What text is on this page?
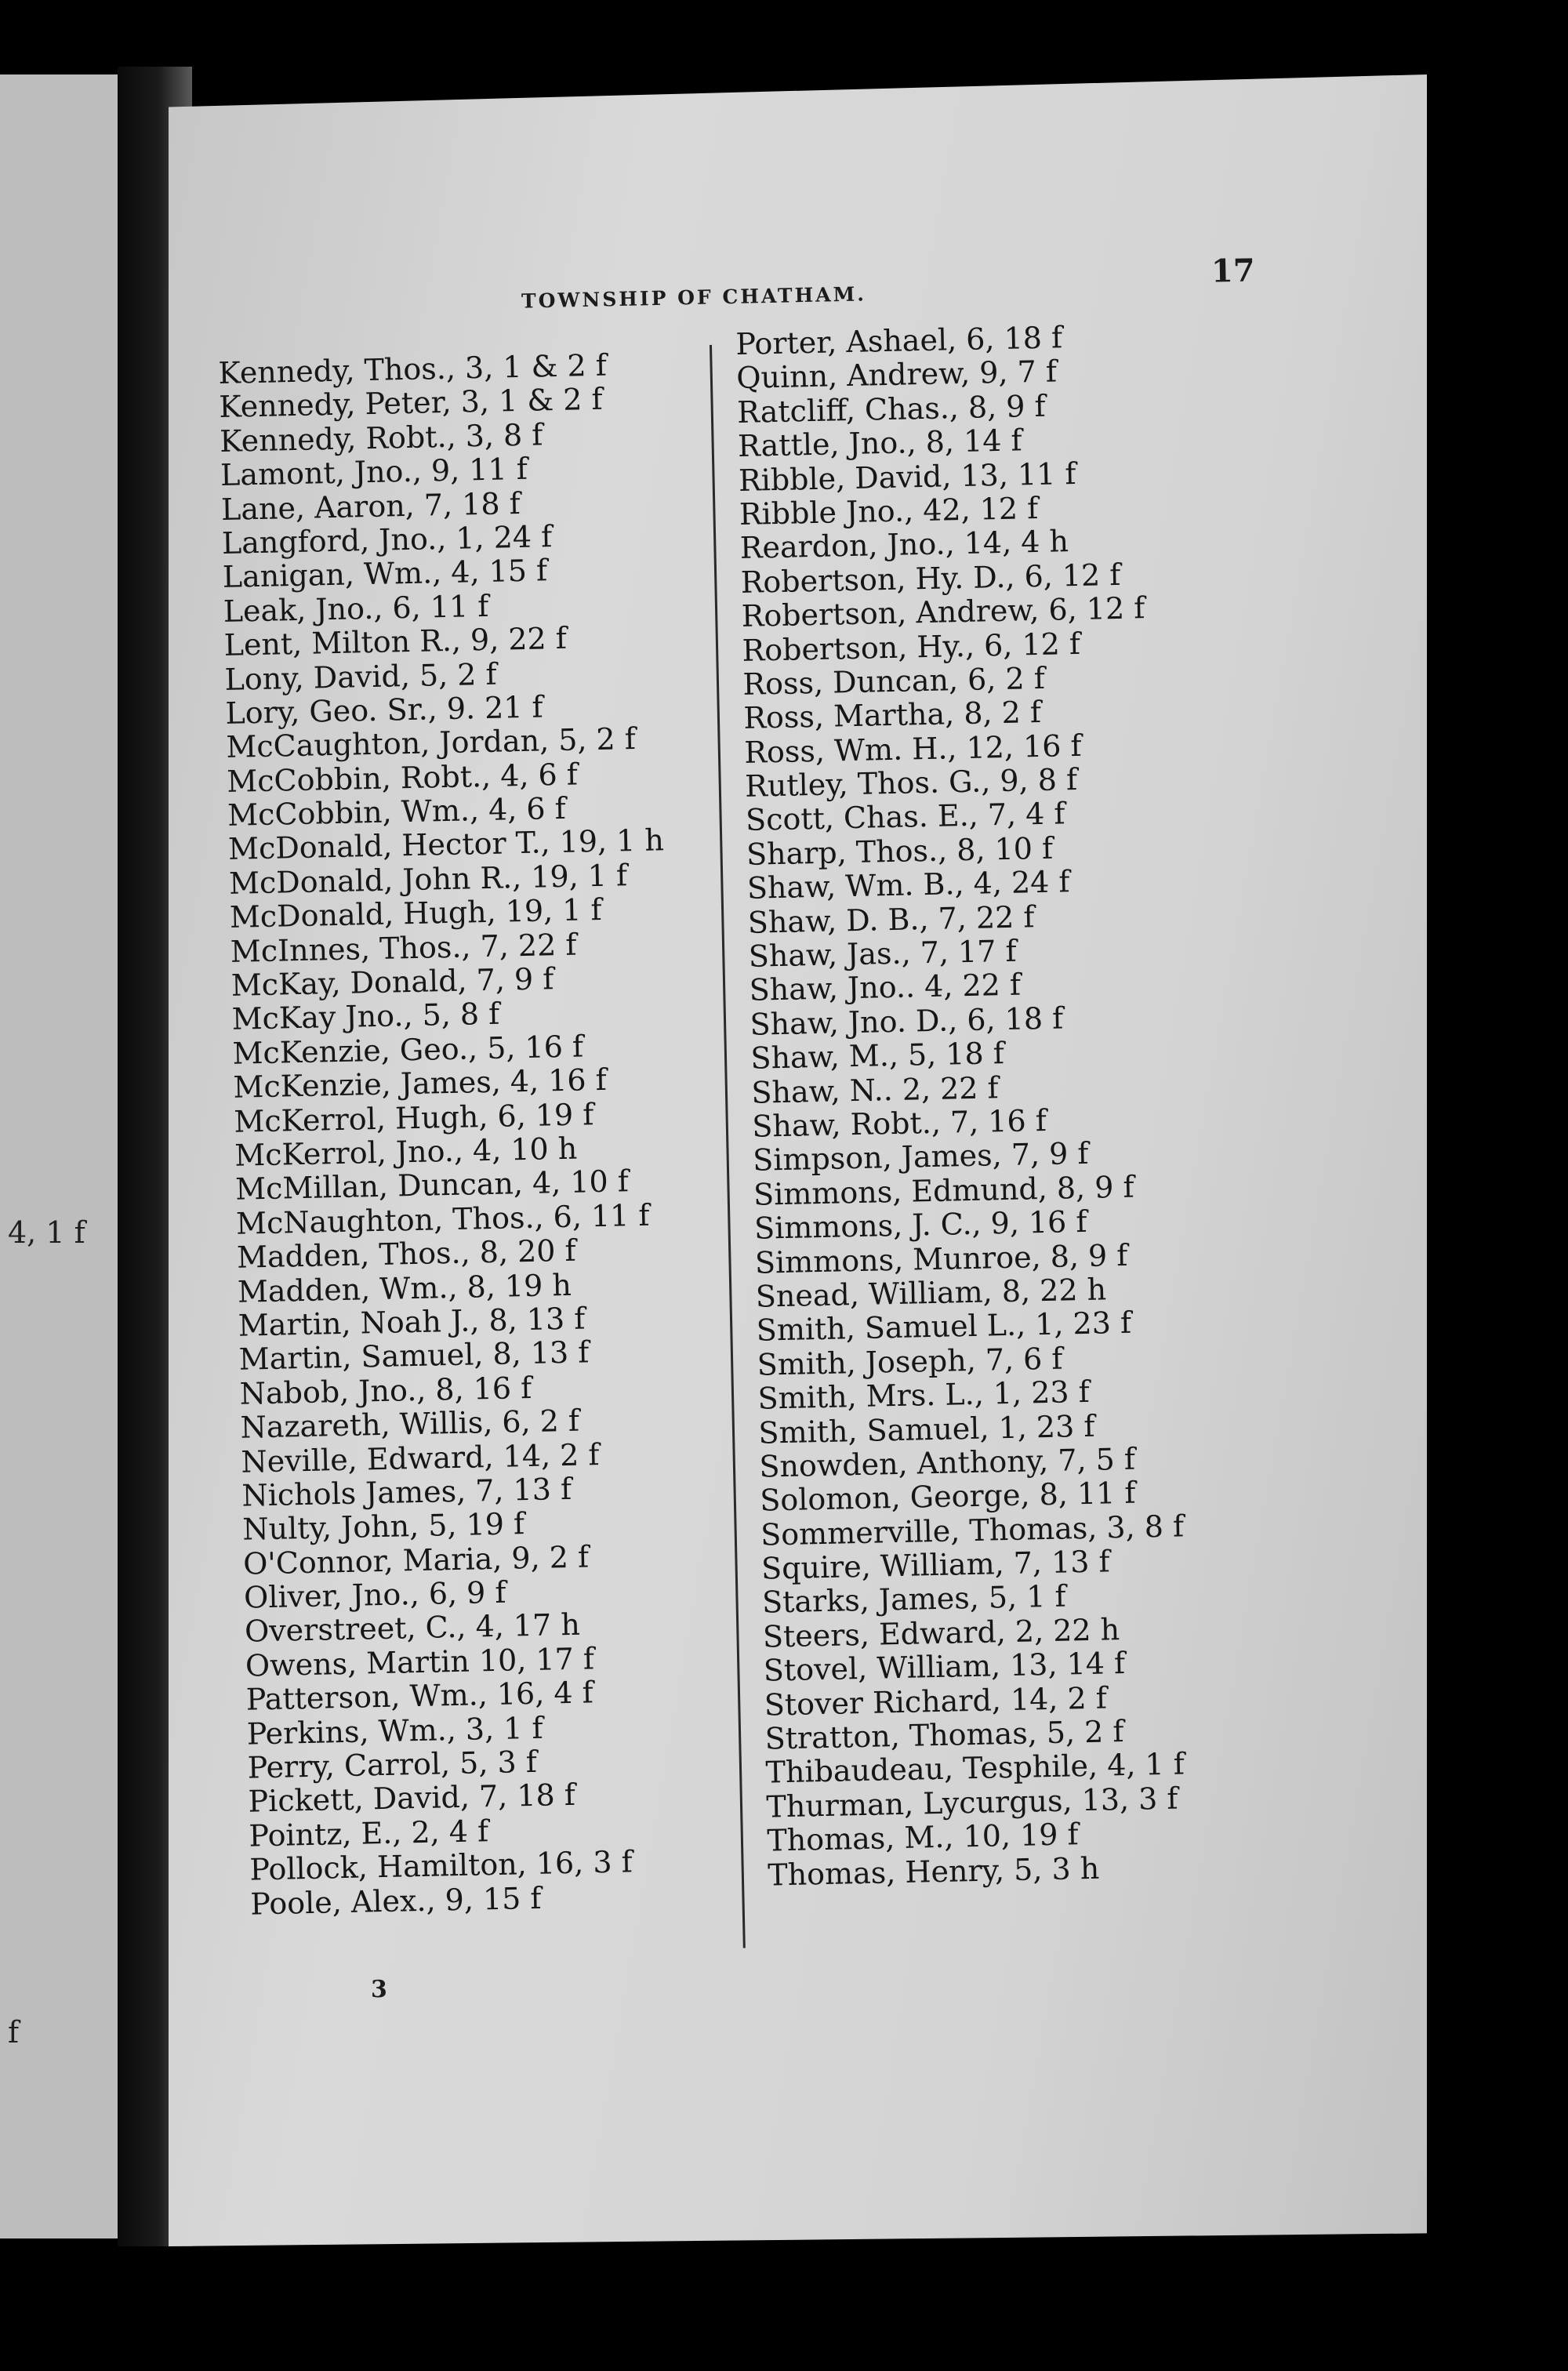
4, 1 f
f
TOWNSHIP OF CHATHAM.
17
Kennedy, Thos., 3, 1 & 2 f
Kennedy, Peter, 3, 1 & 2 f
Kennedy, Robt., 3, 8 f
Lamont, Jno., 9, 11 f
Lane, Aaron, 7, 18 f
Langford, Jno., 1, 24 f
Lanigan, Wm., 4, 15 f
Leak, Jno., 6, 11 f
Lent, Milton R., 9, 22 f
Lony, David, 5, 2 f
Lory, Geo. Sr., 9. 21 f
McCaughton, Jordan, 5, 2 f
McCobbin, Robt., 4, 6 f
McCobbin, Wm., 4, 6 f
McDonald, Hector T., 19, 1 h
McDonald, John R., 19, 1 f
McDonald, Hugh, 19, 1 f
McInnes, Thos., 7, 22 f
McKay, Donald, 7, 9 f
McKay Jno., 5, 8 f
McKenzie, Geo., 5, 16 f
McKenzie, James, 4, 16 f
McKerrol, Hugh, 6, 19 f
McKerrol, Jno., 4, 10 h
McMillan, Duncan, 4, 10 f
McNaughton, Thos., 6, 11 f
Madden, Thos., 8, 20 f
Madden, Wm., 8, 19 h
Martin, Noah J., 8, 13 f
Martin, Samuel, 8, 13 f
Nabob, Jno., 8, 16 f
Nazareth, Willis, 6, 2 f
Neville, Edward, 14, 2 f
Nichols James, 7, 13 f
Nulty, John, 5, 19 f
O'Connor, Maria, 9, 2 f
Oliver, Jno., 6, 9 f
Overstreet, C., 4, 17 h
Owens, Martin 10, 17 f
Patterson, Wm., 16, 4 f
Perkins, Wm., 3, 1 f
Perry, Carrol, 5, 3 f
Pickett, David, 7, 18 f
Pointz, E., 2, 4 f
Pollock, Hamilton, 16, 3 f
Poole, Alex., 9, 15 f
Porter, Ashael, 6, 18 f
Quinn, Andrew, 9, 7 f
Ratcliff, Chas., 8, 9 f
Rattle, Jno., 8, 14 f
Ribble, David, 13, 11 f
Ribble Jno., 42, 12 f
Reardon, Jno., 14, 4 h
Robertson, Hy. D., 6, 12 f
Robertson, Andrew, 6, 12 f
Robertson, Hy., 6, 12 f
Ross, Duncan, 6, 2 f
Ross, Martha, 8, 2 f
Ross, Wm. H., 12, 16 f
Rutley, Thos. G., 9, 8 f
Scott, Chas. E., 7, 4 f
Sharp, Thos., 8, 10 f
Shaw, Wm. B., 4, 24 f
Shaw, D. B., 7, 22 f
Shaw, Jas., 7, 17 f
Shaw, Jno.. 4, 22 f
Shaw, Jno. D., 6, 18 f
Shaw, M., 5, 18 f
Shaw, N.. 2, 22 f
Shaw, Robt., 7, 16 f
Simpson, James, 7, 9 f
Simmons, Edmund, 8, 9 f
Simmons, J. C., 9, 16 f
Simmons, Munroe, 8, 9 f
Snead, William, 8, 22 h
Smith, Samuel L., 1, 23 f
Smith, Joseph, 7, 6 f
Smith, Mrs. L., 1, 23 f
Smith, Samuel, 1, 23 f
Snowden, Anthony, 7, 5 f
Solomon, George, 8, 11 f
Sommerville, Thomas, 3, 8 f
Squire, William, 7, 13 f
Starks, James, 5, 1 f
Steers, Edward, 2, 22 h
Stovel, William, 13, 14 f
Stover Richard, 14, 2 f
Stratton, Thomas, 5, 2 f
Thibaudeau, Tesphile, 4, 1 f
Thurman, Lycurgus, 13, 3 f
Thomas, M., 10, 19 f
Thomas, Henry, 5, 3 h
3
